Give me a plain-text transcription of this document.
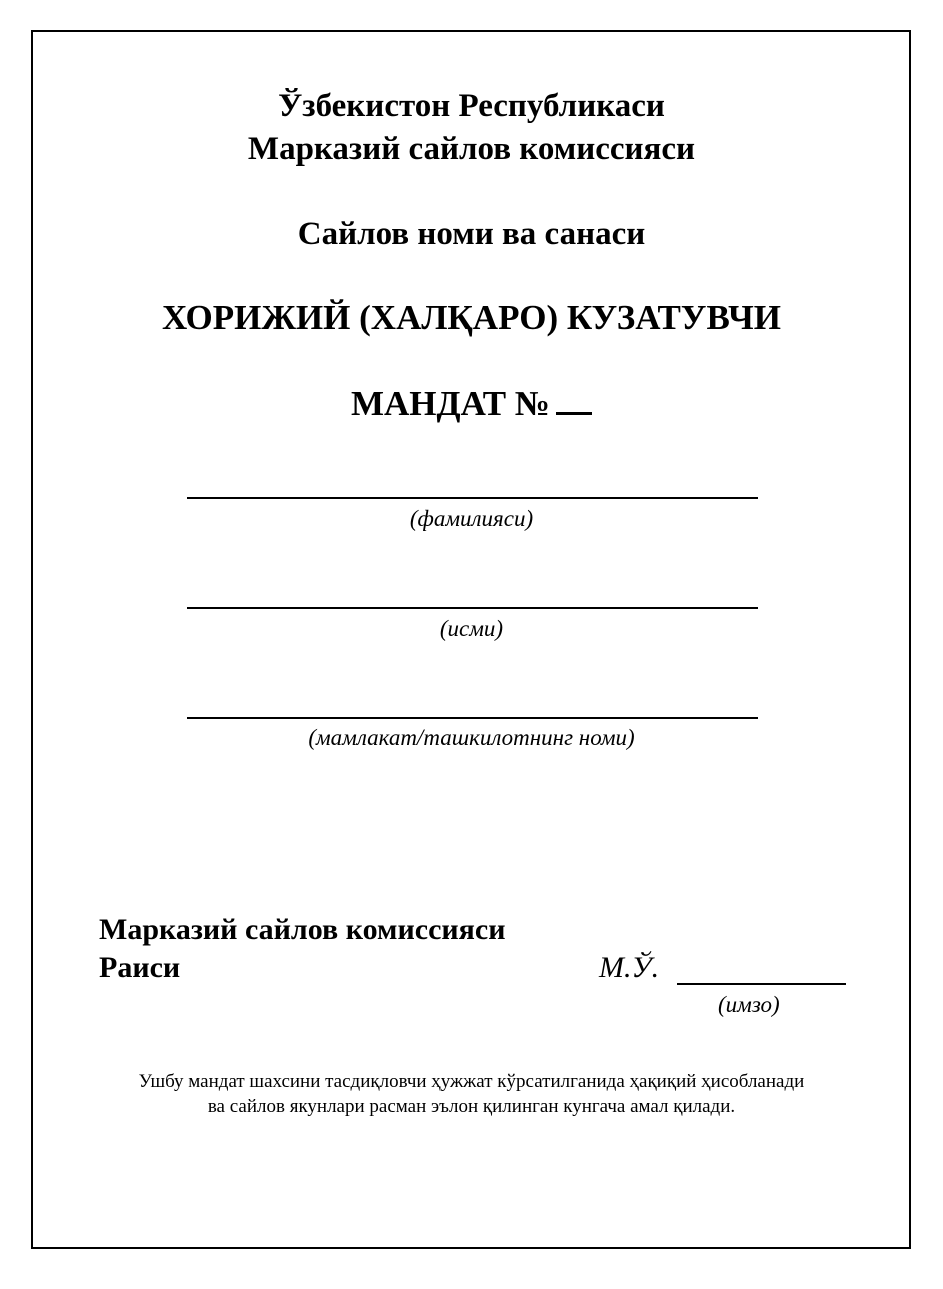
Ўзбекистон Республикаси
Марказий сайлов комиссияси
Сайлов номи ва санаси
ХОРИЖИЙ (ХАЛҚАРО) КУЗАТУВЧИ
МАНДАТ №
(фамилияси)
(исми)
(мамлакат/ташкилотнинг номи)
Марказий сайлов комиссияси
Раиси	М.Ў.
(имзо)
Ушбу мандат шахсини тасдиқловчи ҳужжат кўрсатилганида ҳақиқий ҳисобланади
ва сайлов якунлари расман эълон қилинган кунгача амал қилади.
